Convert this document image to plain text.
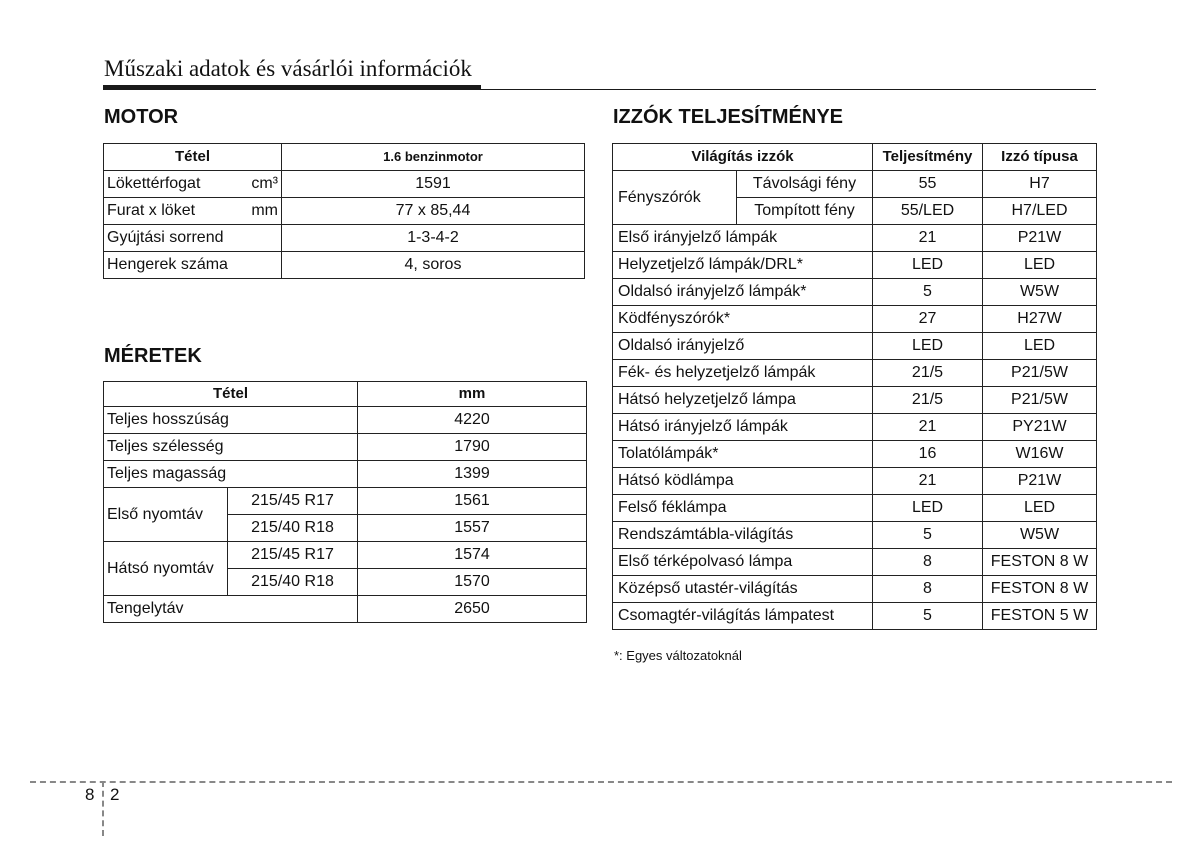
Műszaki adatok és vásárlói információk
MOTOR
Tétel	1.6 benzinmotor
Lökettérfogat cm³	1591
Furat x löket mm	77 x 85,44
Gyújtási sorrend	1-3-4-2
Hengerek száma	4, soros
MÉRETEK
Tétel		mm
Teljes hosszúság		4220
Teljes szélesség		1790
Teljes magasság		1399
Első nyomtáv	215/45 R17	1561
	215/40 R18	1557
Hátsó nyomtáv	215/45 R17	1574
	215/40 R18	1570
Tengelytáv		2650
IZZÓK TELJESÍTMÉNYE
Világítás izzók		Teljesítmény	Izzó típusa
Fényszórók	Távolsági fény	55	H7
	Tompított fény	55/LED	H7/LED
Első irányjelző lámpák		21	P21W
Helyzetjelző lámpák/DRL*		LED	LED
Oldalsó irányjelző lámpák*		5	W5W
Ködfényszórók*		27	H27W
Oldalsó irányjelző		LED	LED
Fék- és helyzetjelző lámpák		21/5	P21/5W
Hátsó helyzetjelző lámpa		21/5	P21/5W
Hátsó irányjelző lámpák		21	PY21W
Tolatólámpák*		16	W16W
Hátsó ködlámpa		21	P21W
Felső féklámpa		LED	LED
Rendszámtábla-világítás		5	W5W
Első térképolvasó lámpa		8	FESTON 8 W
Középső utastér-világítás		8	FESTON 8 W
Csomagtér-világítás lámpatest		5	FESTON 5 W
*: Egyes változatoknál
8 2
